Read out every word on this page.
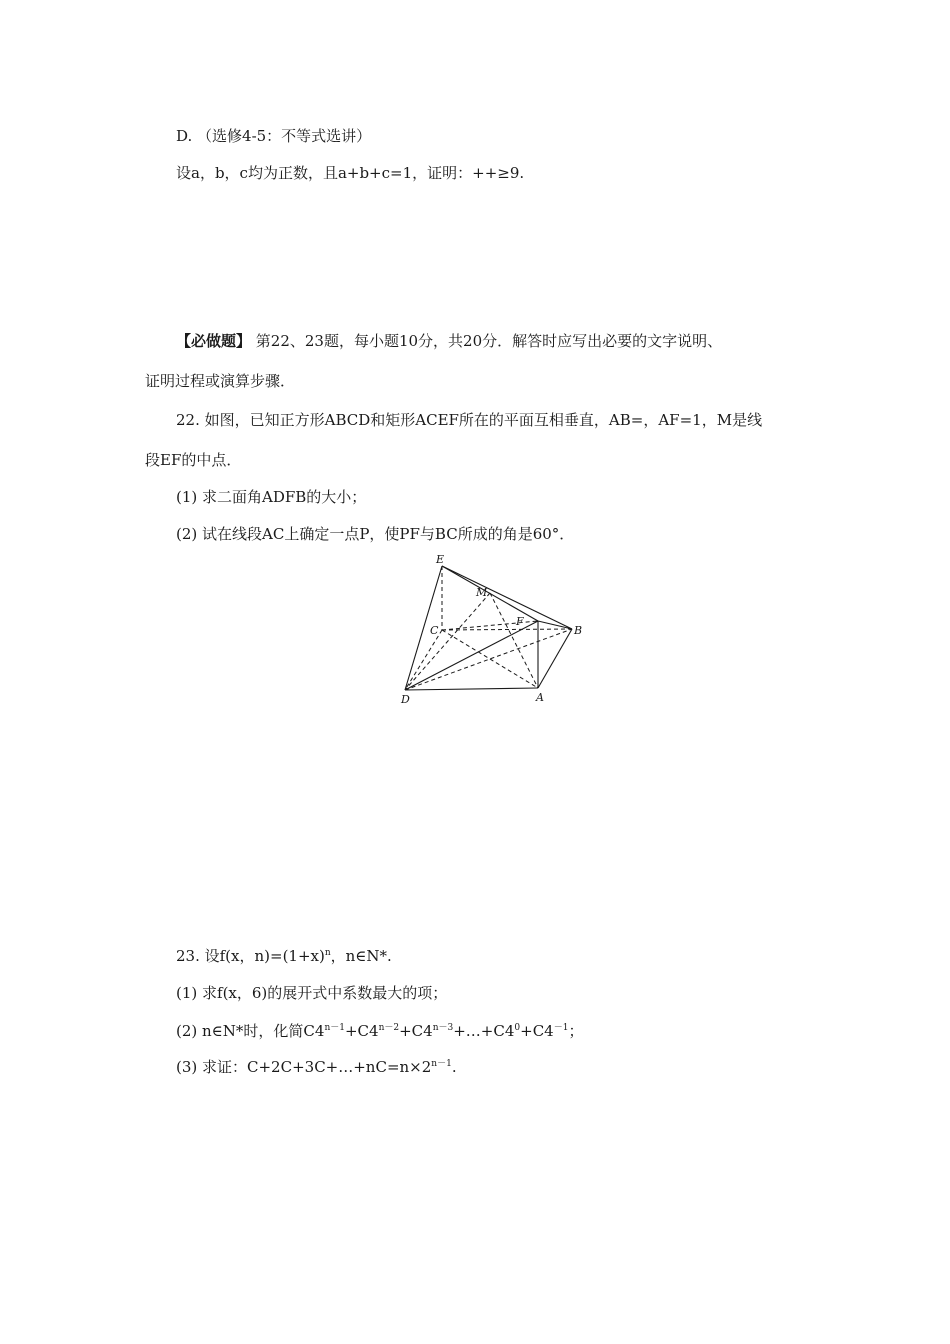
D. （选修4-5：不等式选讲）
设a，b，c均为正数，且a+b+c=1，证明：++≥9.
【必做题】 第22、23题，每小题10分，共20分．解答时应写出必要的文字说明、
证明过程或演算步骤．
22. 如图，已知正方形ABCD和矩形ACEF所在的平面互相垂直，AB=，AF=1，M是线
段EF的中点．
(1) 求二面角ADFB的大小；
(2) 试在线段AC上确定一点P，使PF与BC所成的角是60°．
E
M
C
F
B
D	A
23. 设f(x，$n)=(1+x)^n$，n∈N*.
(1) 求f(x，6)的展开式中系数最大的项；
(2) n∈N*时，化简$C4^{n-1}+C4^{n-2}+C4^{n-3}+\dots+C4^0+C4^{-1}$；
(3) 求证：$C+2C+3C+\dots+nC=n\times 2^{n-1}$.
